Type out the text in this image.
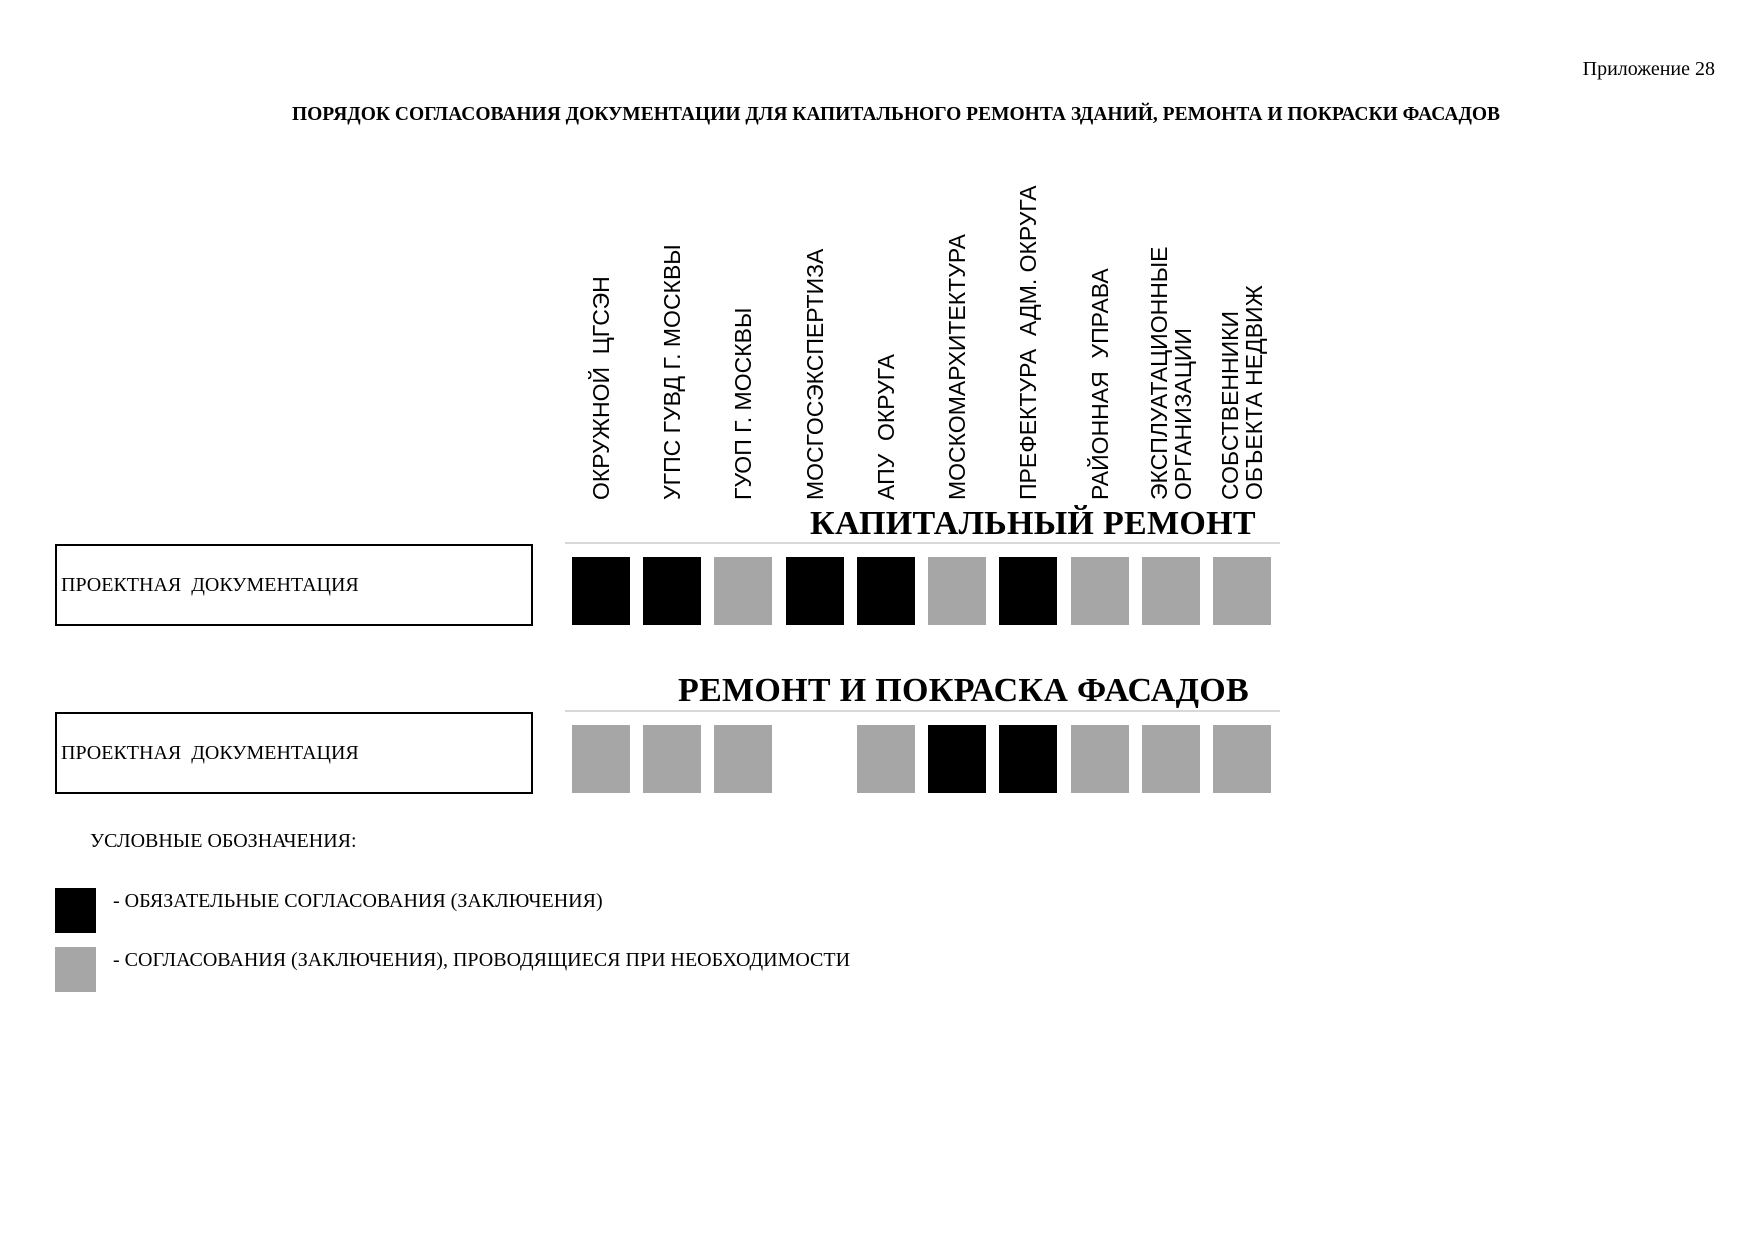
Приложение 28
ПОРЯДОК СОГЛАСОВАНИЯ ДОКУМЕНТАЦИИ ДЛЯ КАПИТАЛЬНОГО РЕМОНТА ЗДАНИЙ, РЕМОНТА И ПОКРАСКИ ФАСАДОВ
ОКРУЖНОЙ  ЦГСЭН УГПС ГУВД Г. МОСКВЫ ГУОП Г. МОСКВЫ МОСГОСЭКСПЕРТИЗА АПУ  ОКРУГА МОСКОМАРХИТЕКТУРА ПРЕФЕКТУРА  АДМ. ОКРУГА РАЙОННАЯ  УПРАВА ЭКСПЛУАТАЦИОННЫЕ
ОРГАНИЗАЦИИ СОБСТВЕННИКИ
ОБЪЕКТА НЕДВИЖ
КАПИТАЛЬНЫЙ РЕМОНТ
ПРОЕКТНАЯ  ДОКУМЕНТАЦИЯ
РЕМОНТ И ПОКРАСКА ФАСАДОВ
ПРОЕКТНАЯ  ДОКУМЕНТАЦИЯ
УСЛОВНЫЕ ОБОЗНАЧЕНИЯ:
- ОБЯЗАТЕЛЬНЫЕ СОГЛАСОВАНИЯ (ЗАКЛЮЧЕНИЯ)
- СОГЛАСОВАНИЯ (ЗАКЛЮЧЕНИЯ), ПРОВОДЯЩИЕСЯ ПРИ НЕОБХОДИМОСТИ
